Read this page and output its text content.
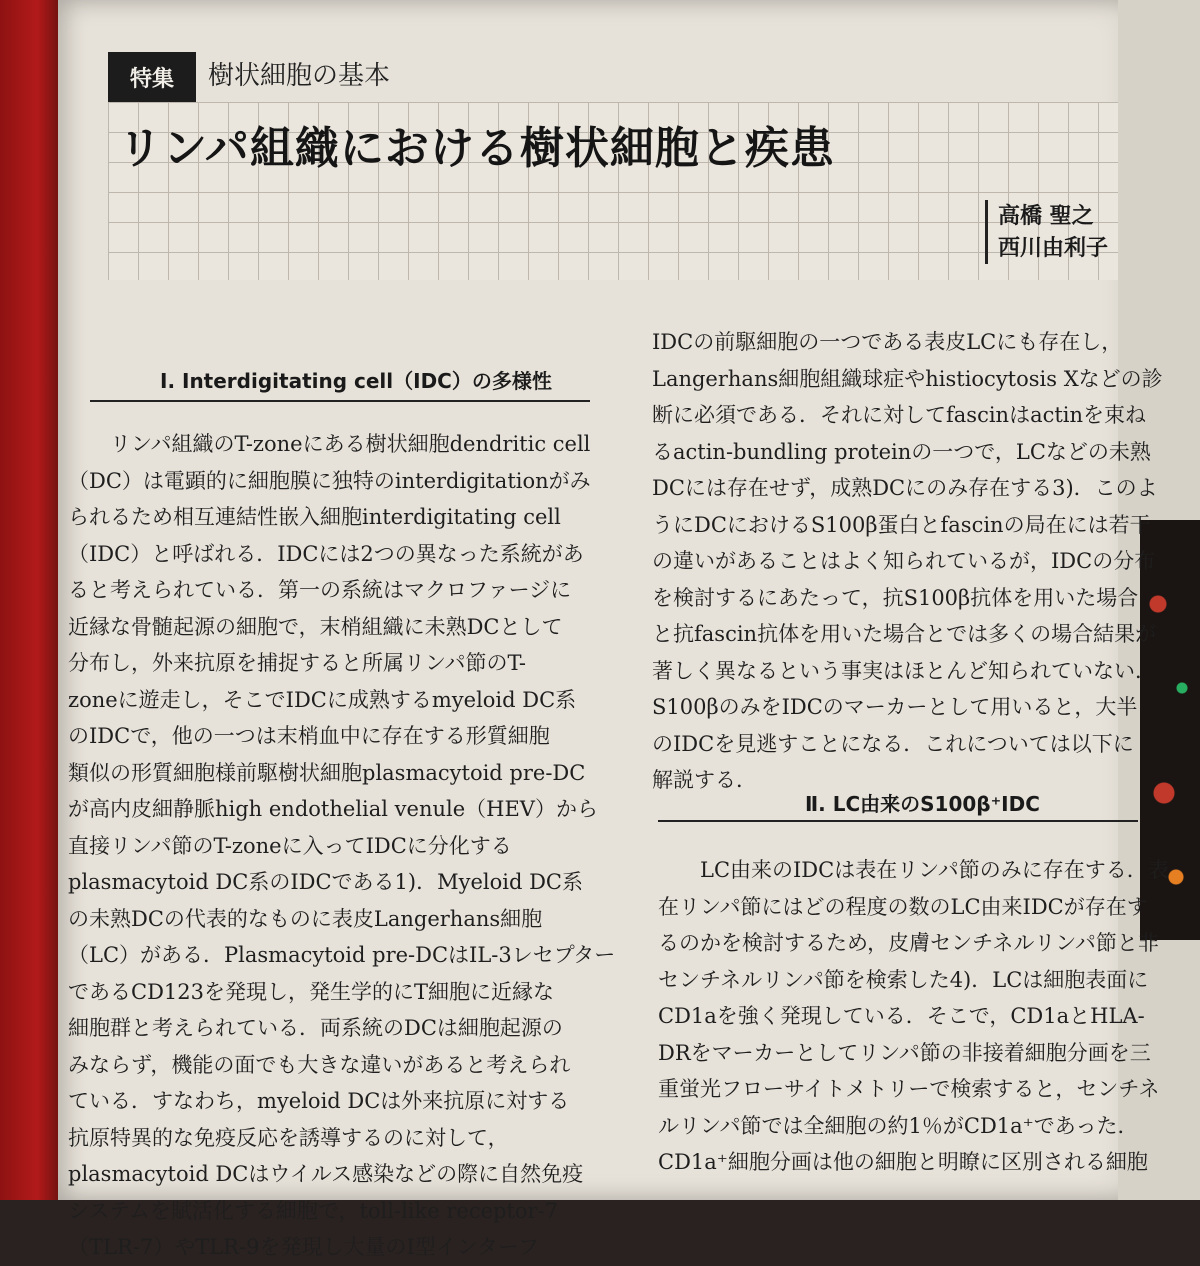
特集	樹状細胞の基本
リンパ組織における樹状細胞と疾患
高橋 聖之
西川由利子
Ⅰ. Interdigitating cell（IDC）の多様性
リンパ組織のT-zoneにある樹状細胞dendritic cell
（DC）は電顕的に細胞膜に独特のinterdigitationがみ
られるため相互連結性嵌入細胞interdigitating cell
（IDC）と呼ばれる．IDCには2つの異なった系統があ
ると考えられている．第一の系統はマクロファージに
近縁な骨髄起源の細胞で，末梢組織に未熟DCとして
分布し，外来抗原を捕捉すると所属リンパ節のT-
zoneに遊走し，そこでIDCに成熟するmyeloid DC系
のIDCで，他の一つは末梢血中に存在する形質細胞
類似の形質細胞様前駆樹状細胞plasmacytoid pre-DC
が高内皮細静脈high endothelial venule（HEV）から
直接リンパ節のT-zoneに入ってIDCに分化する
plasmacytoid DC系のIDCである1)．Myeloid DC系
の未熟DCの代表的なものに表皮Langerhans細胞
（LC）がある．Plasmacytoid pre-DCはIL-3レセプター
であるCD123を発現し，発生学的にT細胞に近縁な
細胞群と考えられている．両系統のDCは細胞起源の
みならず，機能の面でも大きな違いがあると考えられ
ている．すなわち，myeloid DCは外来抗原に対する
抗原特異的な免疫反応を誘導するのに対して，
plasmacytoid DCはウイルス感染などの際に自然免疫
システムを賦活化する細胞で，toll-like receptor-7
（TLR-7）やTLR-9を発現し大量のI型インターフ
IDCの前駆細胞の一つである表皮LCにも存在し，
Langerhans細胞組織球症やhistiocytosis Xなどの診
断に必須である．それに対してfascinはactinを束ね
るactin-bundling proteinの一つで，LCなどの未熟
DCには存在せず，成熟DCにのみ存在する3)．このよ
うにDCにおけるS100β蛋白とfascinの局在には若干
の違いがあることはよく知られているが，IDCの分布
を検討するにあたって，抗S100β抗体を用いた場合
と抗fascin抗体を用いた場合とでは多くの場合結果が
著しく異なるという事実はほとんど知られていない．
S100βのみをIDCのマーカーとして用いると，大半
のIDCを見逃すことになる．これについては以下に
解説する．
Ⅱ. LC由来のS100β⁺IDC
LC由来のIDCは表在リンパ節のみに存在する．表
在リンパ節にはどの程度の数のLC由来IDCが存在す
るのかを検討するため，皮膚センチネルリンパ節と非
センチネルリンパ節を検索した4)．LCは細胞表面に
CD1aを強く発現している．そこで，CD1aとHLA-
DRをマーカーとしてリンパ節の非接着細胞分画を三
重蛍光フローサイトメトリーで検索すると，センチネ
ルリンパ節では全細胞の約1％がCD1a⁺であった．
CD1a⁺細胞分画は他の細胞と明瞭に区別される細胞
